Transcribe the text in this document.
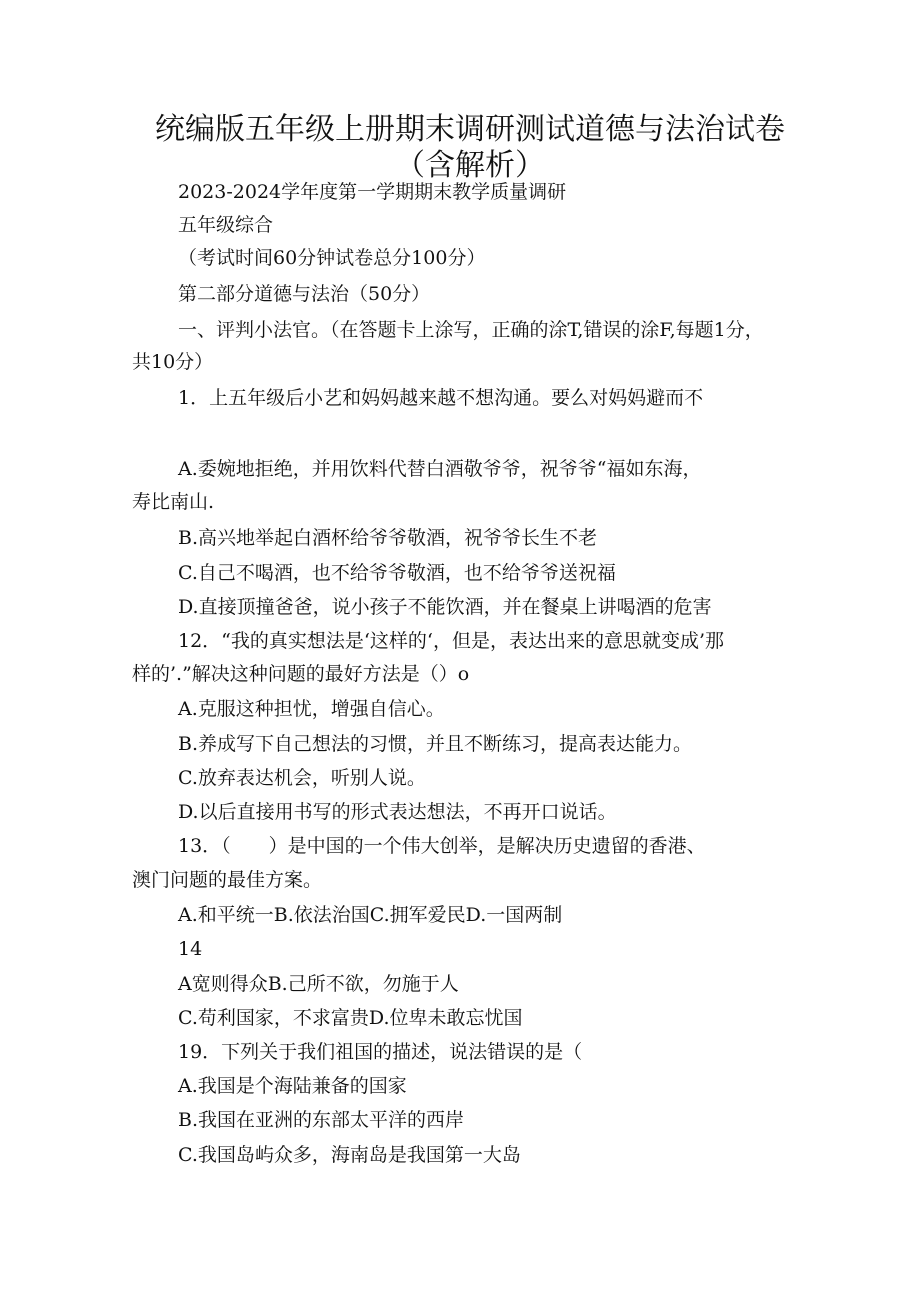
统编版五年级上册期末调研测试道德与法治试卷（含解析）
2023-2024学年度第一学期期末教学质量调研
五年级综合
（考试时间60分钟试卷总分100分）
第二部分道德与法治（50分）
一、评判小法官。（在答题卡上涂写，正确的涂T,错误的涂F,每题1分，
共10分）
1．上五年级后小艺和妈妈越来越不想沟通。要么对妈妈避而不
A.委婉地拒绝，并用饮料代替白酒敬爷爷，祝爷爷“福如东海，
寿比南山.
B.高兴地举起白酒杯给爷爷敬酒，祝爷爷长生不老
C.自己不喝酒，也不给爷爷敬酒，也不给爷爷送祝福
D.直接顶撞爸爸，说小孩子不能饮酒，并在餐桌上讲喝酒的危害
12．“我的真实想法是‘这样的‘，但是，表达出来的意思就变成’那
样的’.”解决这种问题的最好方法是（）o
A.克服这种担忧，增强自信心。
B.养成写下自己想法的习惯，并且不断练习，提高表达能力。
C.放弃表达机会，听别人说。
D.以后直接用书写的形式表达想法，不再开口说话。
13．（　　）是中国的一个伟大创举，是解决历史遗留的香港、
澳门问题的最佳方案。
A.和平统一B.依法治国C.拥军爱民D.一国两制
14
A宽则得众B.己所不欲，勿施于人
C.苟利国家，不求富贵D.位卑未敢忘忧国
19．下列关于我们祖国的描述，说法错误的是（
A.我国是个海陆兼备的国家
B.我国在亚洲的东部太平洋的西岸
C.我国岛屿众多，海南岛是我国第一大岛
